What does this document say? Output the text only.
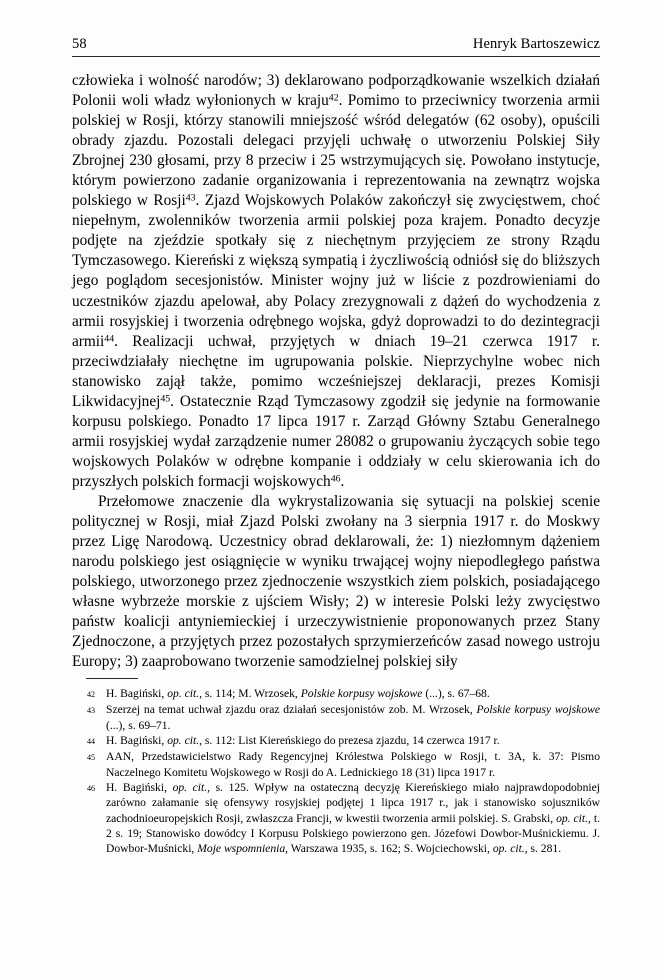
58	Henryk Bartoszewicz

człowieka i wolność narodów; 3) deklarowano podporządkowanie wszelkich działań Polonii woli władz wyłonionych w kraju$^{42}$. Pomimo to przeciwnicy tworzenia armii polskiej w Rosji, którzy stanowili mniejszość wśród delegatów (62 osoby), opuścili obrady zjazdu. Pozostali delegaci przyjęli uchwałę o utworzeniu Polskiej Siły Zbrojnej 230 głosami, przy 8 przeciw i 25 wstrzymujących się. Powołano instytucje, którym powierzono zadanie organizowania i reprezentowania na zewnątrz wojska polskiego w Rosji$^{43}$. Zjazd Wojskowych Polaków zakończył się zwycięstwem, choć niepełnym, zwolenników tworzenia armii polskiej poza krajem. Ponadto decyzje podjęte na zjeździe spotkały się z niechętnym przyjęciem ze strony Rządu Tymczasowego. Kiereński z większą sympatią i życzliwością odniósł się do bliższych jego poglądom secesjonistów. Minister wojny już w liście z pozdrowieniami do uczestników zjazdu apelował, aby Polacy zrezygnowali z dążeń do wychodzenia z armii rosyjskiej i tworzenia odrębnego wojska, gdyż doprowadzi to do dezintegracji armii$^{44}$. Realizacji uchwał, przyjętych w dniach 19–21 czerwca 1917 r. przeciwdziałały niechętne im ugrupowania polskie. Nieprzychylne wobec nich stanowisko zajął także, pomimo wcześniejszej deklaracji, prezes Komisji Likwidacyjnej$^{45}$. Ostatecznie Rząd Tymczasowy zgodził się jedynie na formowanie korpusu polskiego. Ponadto 17 lipca 1917 r. Zarząd Główny Sztabu Generalnego armii rosyjskiej wydał zarządzenie numer 28082 o grupowaniu życzących sobie tego wojskowych Polaków w odrębne kompanie i oddziały w celu skierowania ich do przyszłych polskich formacji wojskowych$^{46}$.

Przełomowe znaczenie dla wykrystalizowania się sytuacji na polskiej scenie politycznej w Rosji, miał Zjazd Polski zwołany na 3 sierpnia 1917 r. do Moskwy przez Ligę Narodową. Uczestnicy obrad deklarowali, że: 1) niezłomnym dążeniem narodu polskiego jest osiągnięcie w wyniku trwającej wojny niepodległego państwa polskiego, utworzonego przez zjednoczenie wszystkich ziem polskich, posiadającego własne wybrzeże morskie z ujściem Wisły; 2) w interesie Polski leży zwycięstwo państw koalicji antyniemieckiej i urzeczywistnienie proponowanych przez Stany Zjednoczone, a przyjętych przez pozostałych sprzymierzeńców zasad nowego ustroju Europy; 3) zaaprobowano tworzenie samodzielnej polskiej siły

42 H. Bagiński, op. cit., s. 114; M. Wrzosek, Polskie korpusy wojskowe (...), s. 67–68.
43 Szerzej na temat uchwał zjazdu oraz działań secesjonistów zob. M. Wrzosek, Polskie korpusy wojskowe (...), s. 69–71.
44 H. Bagiński, op. cit., s. 112: List Kiereńskiego do prezesa zjazdu, 14 czerwca 1917 r.
45 AAN, Przedstawicielstwo Rady Regencyjnej Królestwa Polskiego w Rosji, t. 3A, k. 37: Pismo Naczelnego Komitetu Wojskowego w Rosji do A. Lednickiego 18 (31) lipca 1917 r.
46 H. Bagiński, op. cit., s. 125. Wpływ na ostateczną decyzję Kiereńskiego miało najprawdopodobniej zarówno załamanie się ofensywy rosyjskiej podjętej 1 lipca 1917 r., jak i stanowisko sojuszników zachodnioeuropejskich Rosji, zwłaszcza Francji, w kwestii tworzenia armii polskiej. S. Grabski, op. cit., t. 2 s. 19; Stanowisko dowódcy I Korpusu Polskiego powierzono gen. Józefowi Dowbor-Muśnickiemu. J. Dowbor-Muśnicki, Moje wspomnienia, Warszawa 1935, s. 162; S. Wojciechowski, op. cit., s. 281.
